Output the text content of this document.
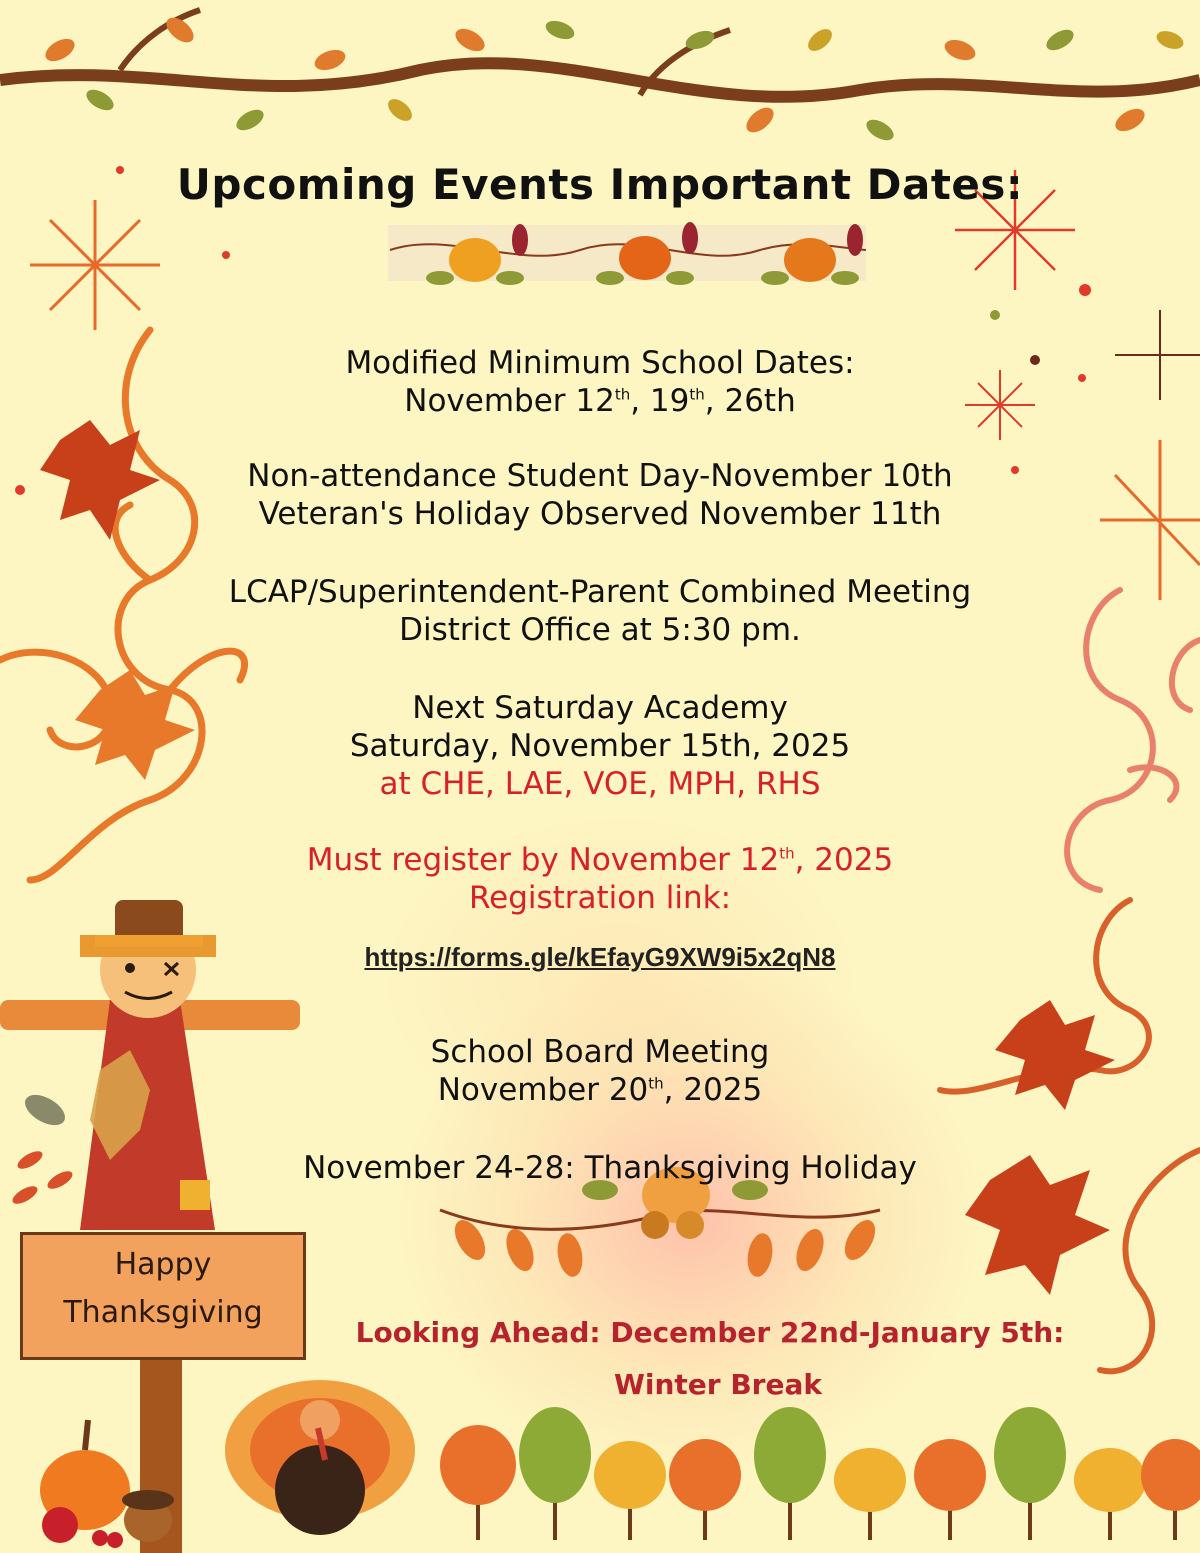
Upcoming Events Important Dates:
Modified Minimum School Dates:
November 12th, 19th, 26th
Non-attendance Student Day-November 10th
Veteran's Holiday Observed November 11th
LCAP/Superintendent-Parent Combined Meeting
District Office at 5:30 pm.
Next Saturday Academy
Saturday, November 15th, 2025
at CHE, LAE, VOE, MPH, RHS
Must register by November 12th, 2025
Registration link:
https://forms.gle/kEfayG9XW9i5x2qN8
School Board Meeting
November 20th, 2025
November 24-28: Thanksgiving Holiday
Looking Ahead: December 22nd-January 5th:
Winter Break
Happy
Thanksgiving
